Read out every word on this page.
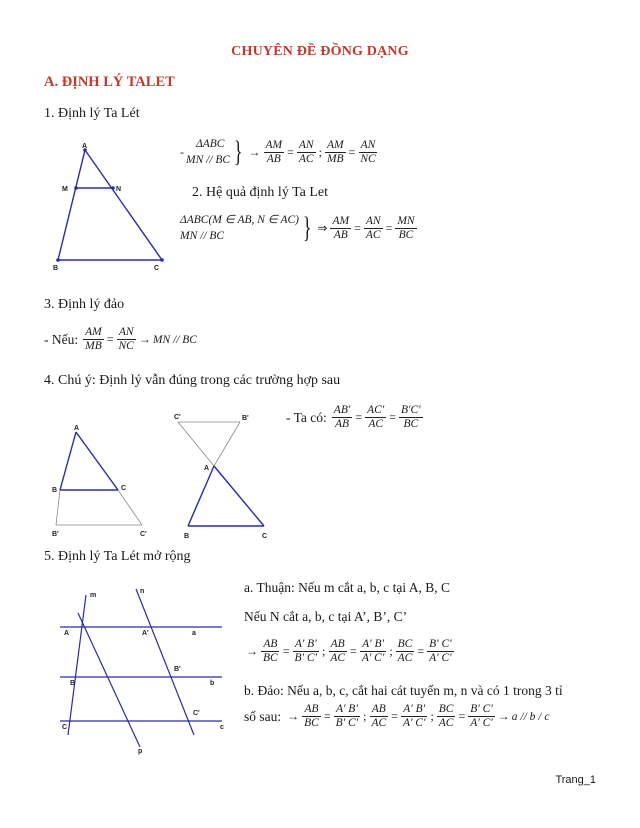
CHUYÊN ĐỀ ĐỒNG DẠNG
A. ĐỊNH LÝ TALET
1. Định lý Ta Lét
A
M	N
B	C
-
ΔABC
MN // BC } → $\frac{AM}{AB} = \frac{AN}{AC}$ ; $\frac{AM}{MB} = \frac{AN}{NC}$
2. Hệ quả định lý Ta Let
ΔABC(M ∈ AB, N ∈ AC)
MN // BC	} ⇒ $\frac{AM}{AB} = \frac{AN}{AC} = \frac{MN}{BC}$
3. Định lý đảo
- Nếu: $\frac{AM}{MB} = \frac{AN}{NC}$ → MN // BC
4. Chú ý: Định lý vẫn đúng trong các trường hợp sau
A
B	C
B'	C'
C'	B'
A
B	C
- Ta có: $\frac{AB'}{AB} = \frac{AC'}{AC} = \frac{B'C'}{BC}$
5. Định lý Ta Lét mở rộng
m
n
A	A'	a
B'
B	b
C'
C	c
p
a. Thuận: Nếu m cắt a, b, c tại A, B, C
Nếu N cắt a, b, c tại A’, B’, C’
→ $\frac{AB}{BC} = \frac{A' B'}{B' C'}$ ; $\frac{AB}{AC} = \frac{A' B'}{A' C'}$ ; $\frac{BC}{AC} = \frac{B' C'}{A' C'}$
b. Đảo: Nếu a, b, c, cắt hai cát tuyến m, n và có 1 trong 3 tỉ
số sau: → $\frac{AB}{BC} = \frac{A' B'}{B' C'}$ ; $\frac{AB}{AC} = \frac{A' B'}{A' C'}$ ; $\frac{BC}{AC} = \frac{B' C'}{A' C'} \to a // b / c$
Trang_1
